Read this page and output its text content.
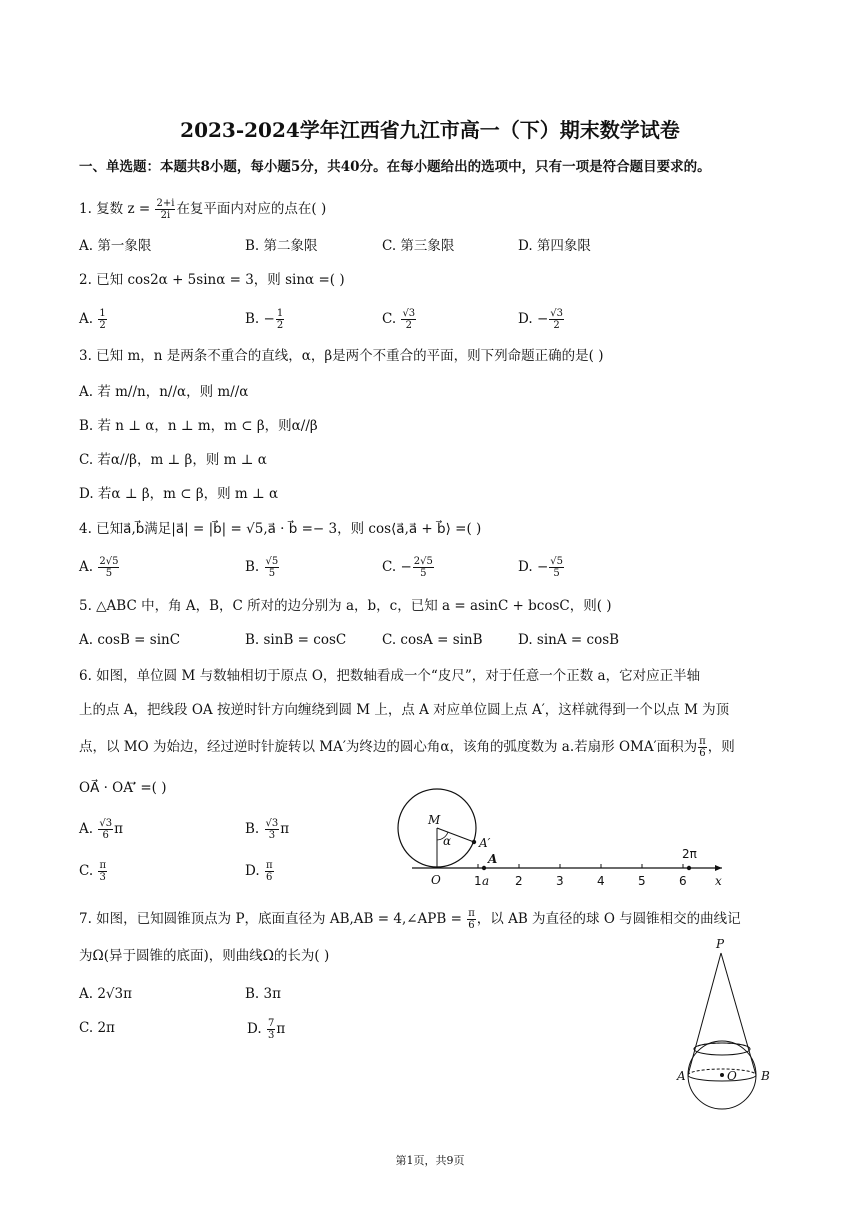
2023-2024学年江西省九江市高一（下）期末数学试卷
一、单选题：本题共8小题，每小题5分，共40分。在每小题给出的选项中，只有一项是符合题目要求的。
1. 复数 $z = \frac{2+i}{2i}$ 在复平面内对应的点在( )
A. 第一象限	B. 第二象限	C. 第三象限	D. 第四象限
2. 已知 cos2α + 5sinα = 3，则 sinα =( )
A. $\frac{1}{2}$	B. − $\frac{1}{2}$	C. $\frac{√3}{2}$	D. − $\frac{√3}{2}$
3. 已知 m，n 是两条不重合的直线，α，β是两个不重合的平面，则下列命题正确的是( )
A. 若 m//n，n//α，则 m//α
B. 若 n ⊥ α，n ⊥ m，m ⊂ β，则α//β
C. 若α//β，m ⊥ β，则 m ⊥ α
D. 若α ⊥ β，m ⊂ β，则 m ⊥ α
4. 已知a⃗,b⃗满足|a⃗| = |b⃗| = √5,a⃗ · b⃗ =− 3，则 cos⟨a⃗,a⃗ + b⃗⟩ =( )
A. $\frac{2√5}{5}$	B. $\frac{√5}{5}$	C. − $\frac{2√5}{5}$	D. − $\frac{√5}{5}$
5. △ABC 中，角 A，B，C 所对的边分别为 a，b，c，已知 a = asinC + bcosC，则( )
A. cosB = sinC	B. sinB = cosC	C. cosA = sinB	D. sinA = cosB
6. 如图，单位圆 M 与数轴相切于原点 O，把数轴看成一个“皮尺”，对于任意一个正数 a，它对应正半轴
上的点 A，把线段 OA 按逆时针方向缠绕到圆 M 上，点 A 对应单位圆上点 A′，这样就得到一个以点 M 为顶
点，以 MO 为始边，经过逆时针旋转以 MA′为终边的圆心角α，该角的弧度数为 a.若扇形 OMA′面积为 $\frac{\pi}{6}$ ，则
OA⃗ · OA′⃗ =( )
A. $\frac{√3}{6}$ π	B. $\frac{√3}{3}$ π
C. $\frac{\pi}{3}$	D. $\frac{\pi}{6}$
M
α A′
A
O	1 a 2	3	4	5	6
2π
x
7. 如图，已知圆锥顶点为 P，底面直径为 AB,AB = 4,∠APB = $\frac{\pi}{6}$ ，以 AB 为直径的球 O 与圆锥相交的曲线记
为Ω(异于圆锥的底面)，则曲线Ω的长为( )
A. 2√3π	B. 3π
C. 2π	D. $\frac{7}{3}$ π
P
A	O B
第1页，共9页
